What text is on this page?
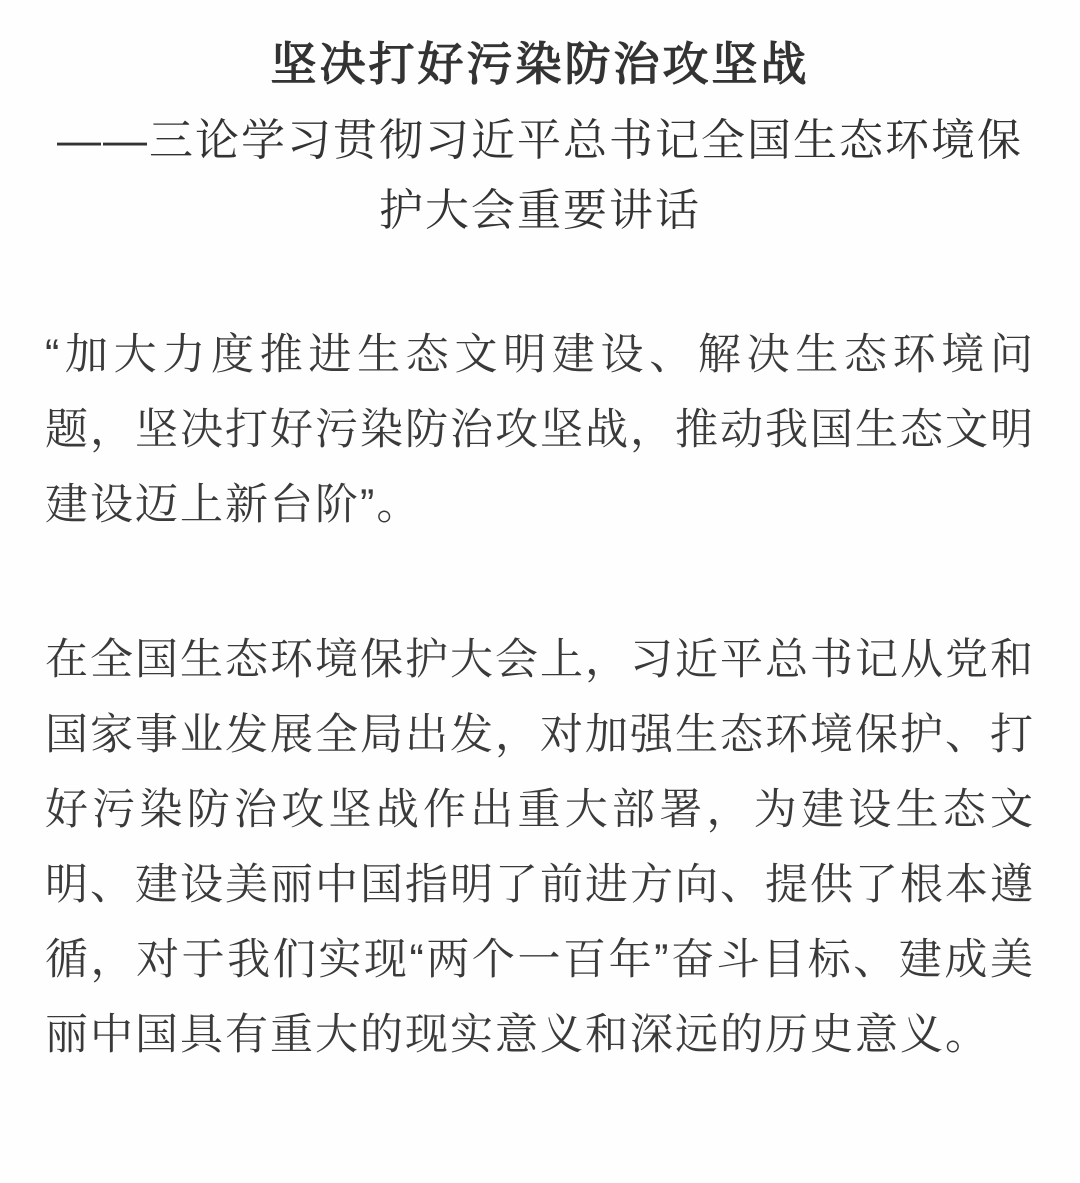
坚决打好污染防治攻坚战
——三论学习贯彻习近平总书记全国生态环境保护大会重要讲话

“加大力度推进生态文明建设、解决生态环境问题，坚决打好污染防治攻坚战，推动我国生态文明建设迈上新台阶”。

在全国生态环境保护大会上，习近平总书记从党和国家事业发展全局出发，对加强生态环境保护、打好污染防治攻坚战作出重大部署，为建设生态文明、建设美丽中国指明了前进方向、提供了根本遵循，对于我们实现“两个一百年”奋斗目标、建成美丽中国具有重大的现实意义和深远的历史意义。
